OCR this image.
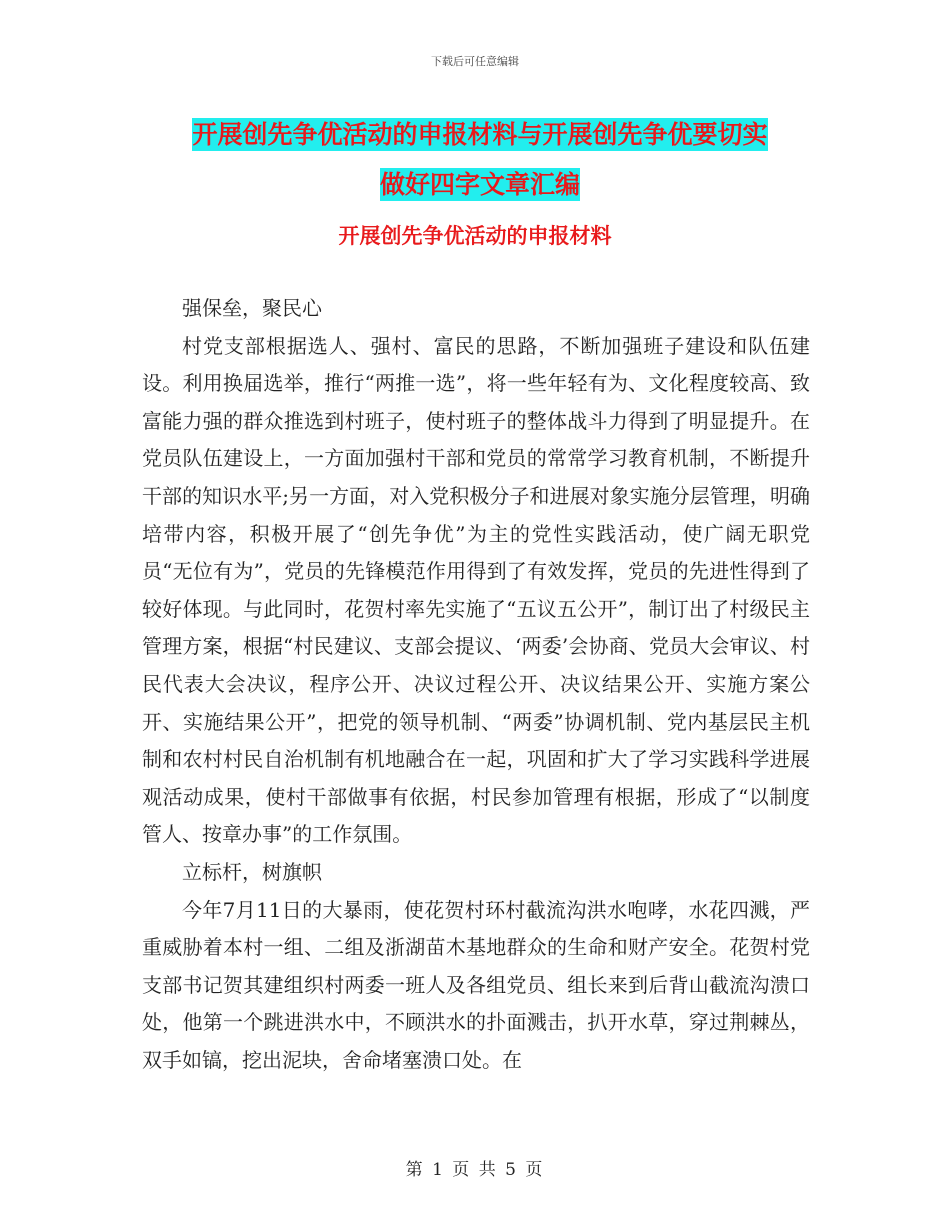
下载后可任意编辑
开展创先争优活动的申报材料与开展创先争优要切实
做好四字文章汇编
开展创先争优活动的申报材料

强保垒，聚民心

村党支部根据选人、强村、富民的思路，不断加强班子建设和队伍建设。利用换届选举，推行“两推一选”，将一些年轻有为、文化程度较高、致富能力强的群众推选到村班子，使村班子的整体战斗力得到了明显提升。在党员队伍建设上，一方面加强村干部和党员的常常学习教育机制，不断提升干部的知识水平;另一方面，对入党积极分子和进展对象实施分层管理，明确培带内容，积极开展了“创先争优”为主的党性实践活动，使广阔无职党员“无位有为”，党员的先锋模范作用得到了有效发挥，党员的先进性得到了较好体现。与此同时，花贺村率先实施了“五议五公开”，制订出了村级民主管理方案，根据“村民建议、支部会提议、‘两委’会协商、党员大会审议、村民代表大会决议，程序公开、决议过程公开、决议结果公开、实施方案公开、实施结果公开”，把党的领导机制、“两委”协调机制、党内基层民主机制和农村村民自治机制有机地融合在一起，巩固和扩大了学习实践科学进展观活动成果，使村干部做事有依据，村民参加管理有根据，形成了“以制度管人、按章办事”的工作氛围。

立标杆，树旗帜

今年7月11日的大暴雨，使花贺村环村截流沟洪水咆哮，水花四溅，严重威胁着本村一组、二组及浙湖苗木基地群众的生命和财产安全。花贺村党支部书记贺其建组织村两委一班人及各组党员、组长来到后背山截流沟溃口处，他第一个跳进洪水中，不顾洪水的扑面溅击，扒开水草，穿过荆棘丛，双手如镐，挖出泥块，舍命堵塞溃口处。在

第 1 页 共 5 页
